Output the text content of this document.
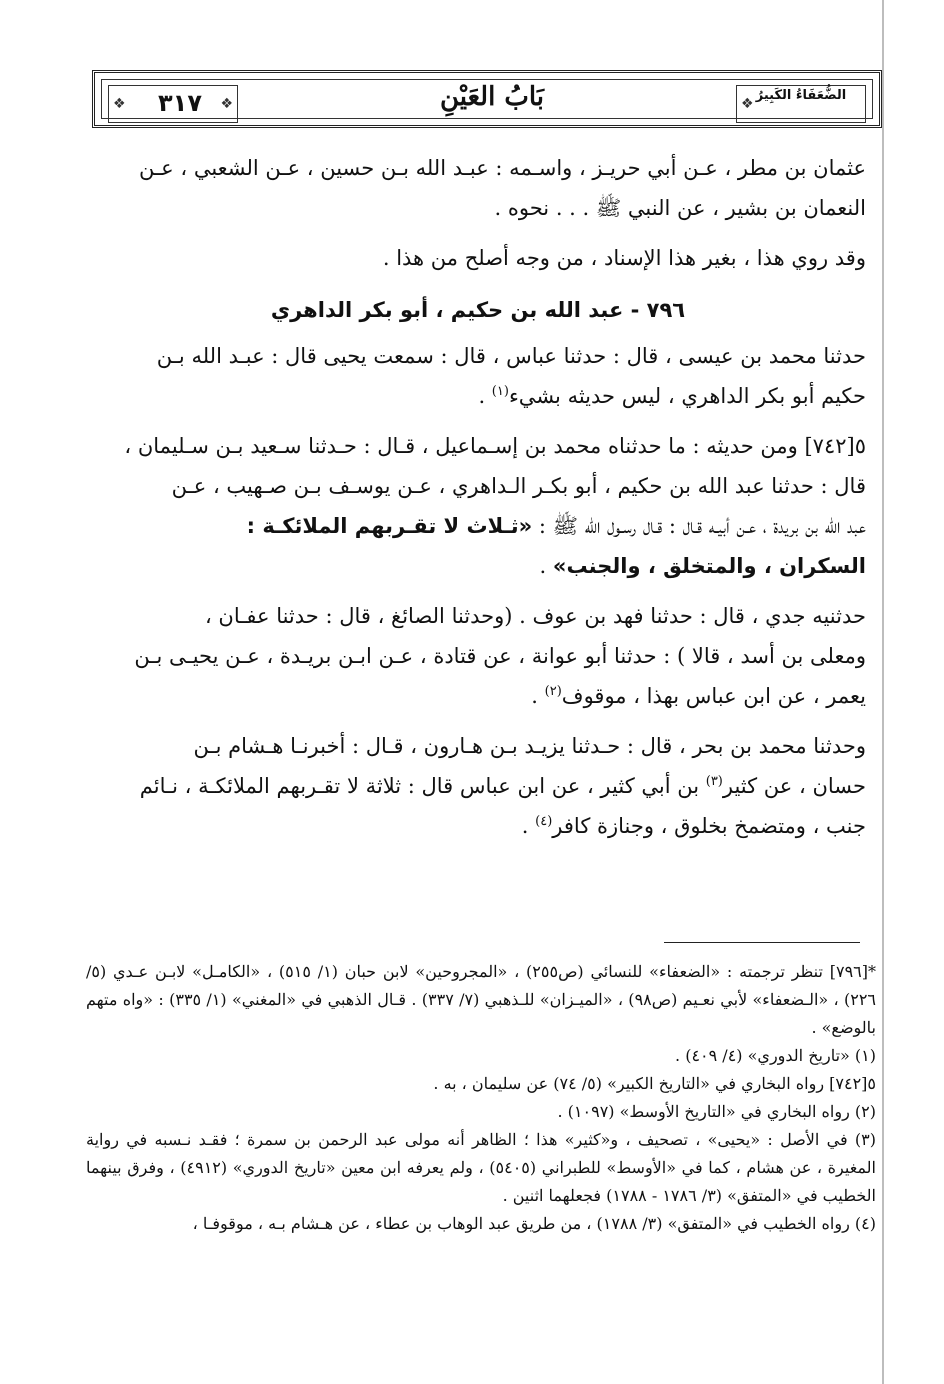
❖	٣١٧	❖	بَابُ العَيْنِ	❖
الضُّعَفَاءُ الكَبِيرُ

عثمان بن مطر ، عـن أبي حريـز ، واسـمه : عبـد الله بـن حسين ، عـن الشعبي ، عـن

النعمان بن بشير ، عن النبي ﷺ . . . نحوه .

وقد روي هذا ، بغير هذا الإسناد ، من وجه أصلح من هذا .

٧٩٦ - عبد الله بن حكيم ، أبو بكر الداهري

حدثنا محمد بن عيسى ، قال : حدثنا عباس ، قال : سمعت يحيى قال : عبـد الله بـن

حكيم أبو بكر الداهري ، ليس حديثه بشيء$^{(١)}$ .

٥[٧٤٢] ومن حديثه : ما حدثناه محمد بن إسـماعيل ، قـال : حـدثنا سـعيد بـن سـليمان ،

قال : حدثنا عبد الله بن حكيم ، أبو بكـر الـداهري ، عـن يوسـف بـن صـهيب ، عـن

عبد الله بن بريدة ، عـن أبيـه قـال : قـال رسـول الله ﷺ : «ثـلاث لا تقـربهم الملائكـة :

السكران ، والمتخلق ، والجنب» .

حدثنيه جدي ، قال : حدثنا فهد بن عوف . (وحدثنا الصائغ ، قال : حدثنا عفـان ،

ومعلى بن أسد ، قالا ) : حدثنا أبو عوانة ، عن قتادة ، عـن ابـن بريـدة ، عـن يحيـى بـن

يعمر ، عن ابن عباس بهذا ، موقوف$^{(٢)}$ .

وحدثنا محمد بن بحر ، قال : حـدثنا يزيـد بـن هـارون ، قـال : أخبرنـا هـشام بـن

حسان ، عن كثير$^{(٣)}$ بن أبي كثير ، عن ابن عباس قال : ثلاثة لا تقـربهم الملائكـة ، نـائم

جنب ، ومتضمخ بخلوق ، وجنازة كافر$^{(٤)}$ .

*[٧٩٦] تنظر ترجمته : «الضعفاء» للنسائي (ص٢٥٥) ، «المجروحين» لابن حبان (١/ ٥١٥) ، «الكامـل» لابـن عـدي (٥/ ٢٢٦) ، «الـضعفاء» لأبي نعـيم (ص٩٨) ، «الميـزان» للـذهبي (٧/ ٣٣٧) . قـال الذهبي في «المغني» (١/ ٣٣٥) : «واه متهم بالوضع» .

(١) «تاريخ الدوري» (٤/ ٤٠٩) .

٥[٧٤٢] رواه البخاري في «التاريخ الكبير» (٥/ ٧٤) عن سليمان ، به .

(٢) رواه البخاري في «التاريخ الأوسط» (١٠٩٧) .

(٣) في الأصل : «يحيى» ، تصحيف ، و«كثير» هذا ؛ الظاهر أنه مولى عبد الرحمن بن سمرة ؛ فقـد نـسبه في رواية المغيرة ، عن هشام ، كما في «الأوسط» للطبراني (٥٤٠٥) ، ولم يعرفه ابن معين «تاريخ الدوري» (٤٩١٢) ، وفرق بينهما الخطيب في «المتفق» (٣/ ١٧٨٦ - ١٧٨٨) فجعلهما اثنين .

(٤) رواه الخطيب في «المتفق» (٣/ ١٧٨٨) ، من طريق عبد الوهاب بن عطاء ، عن هـشام بـه ، موقوفـا ،
